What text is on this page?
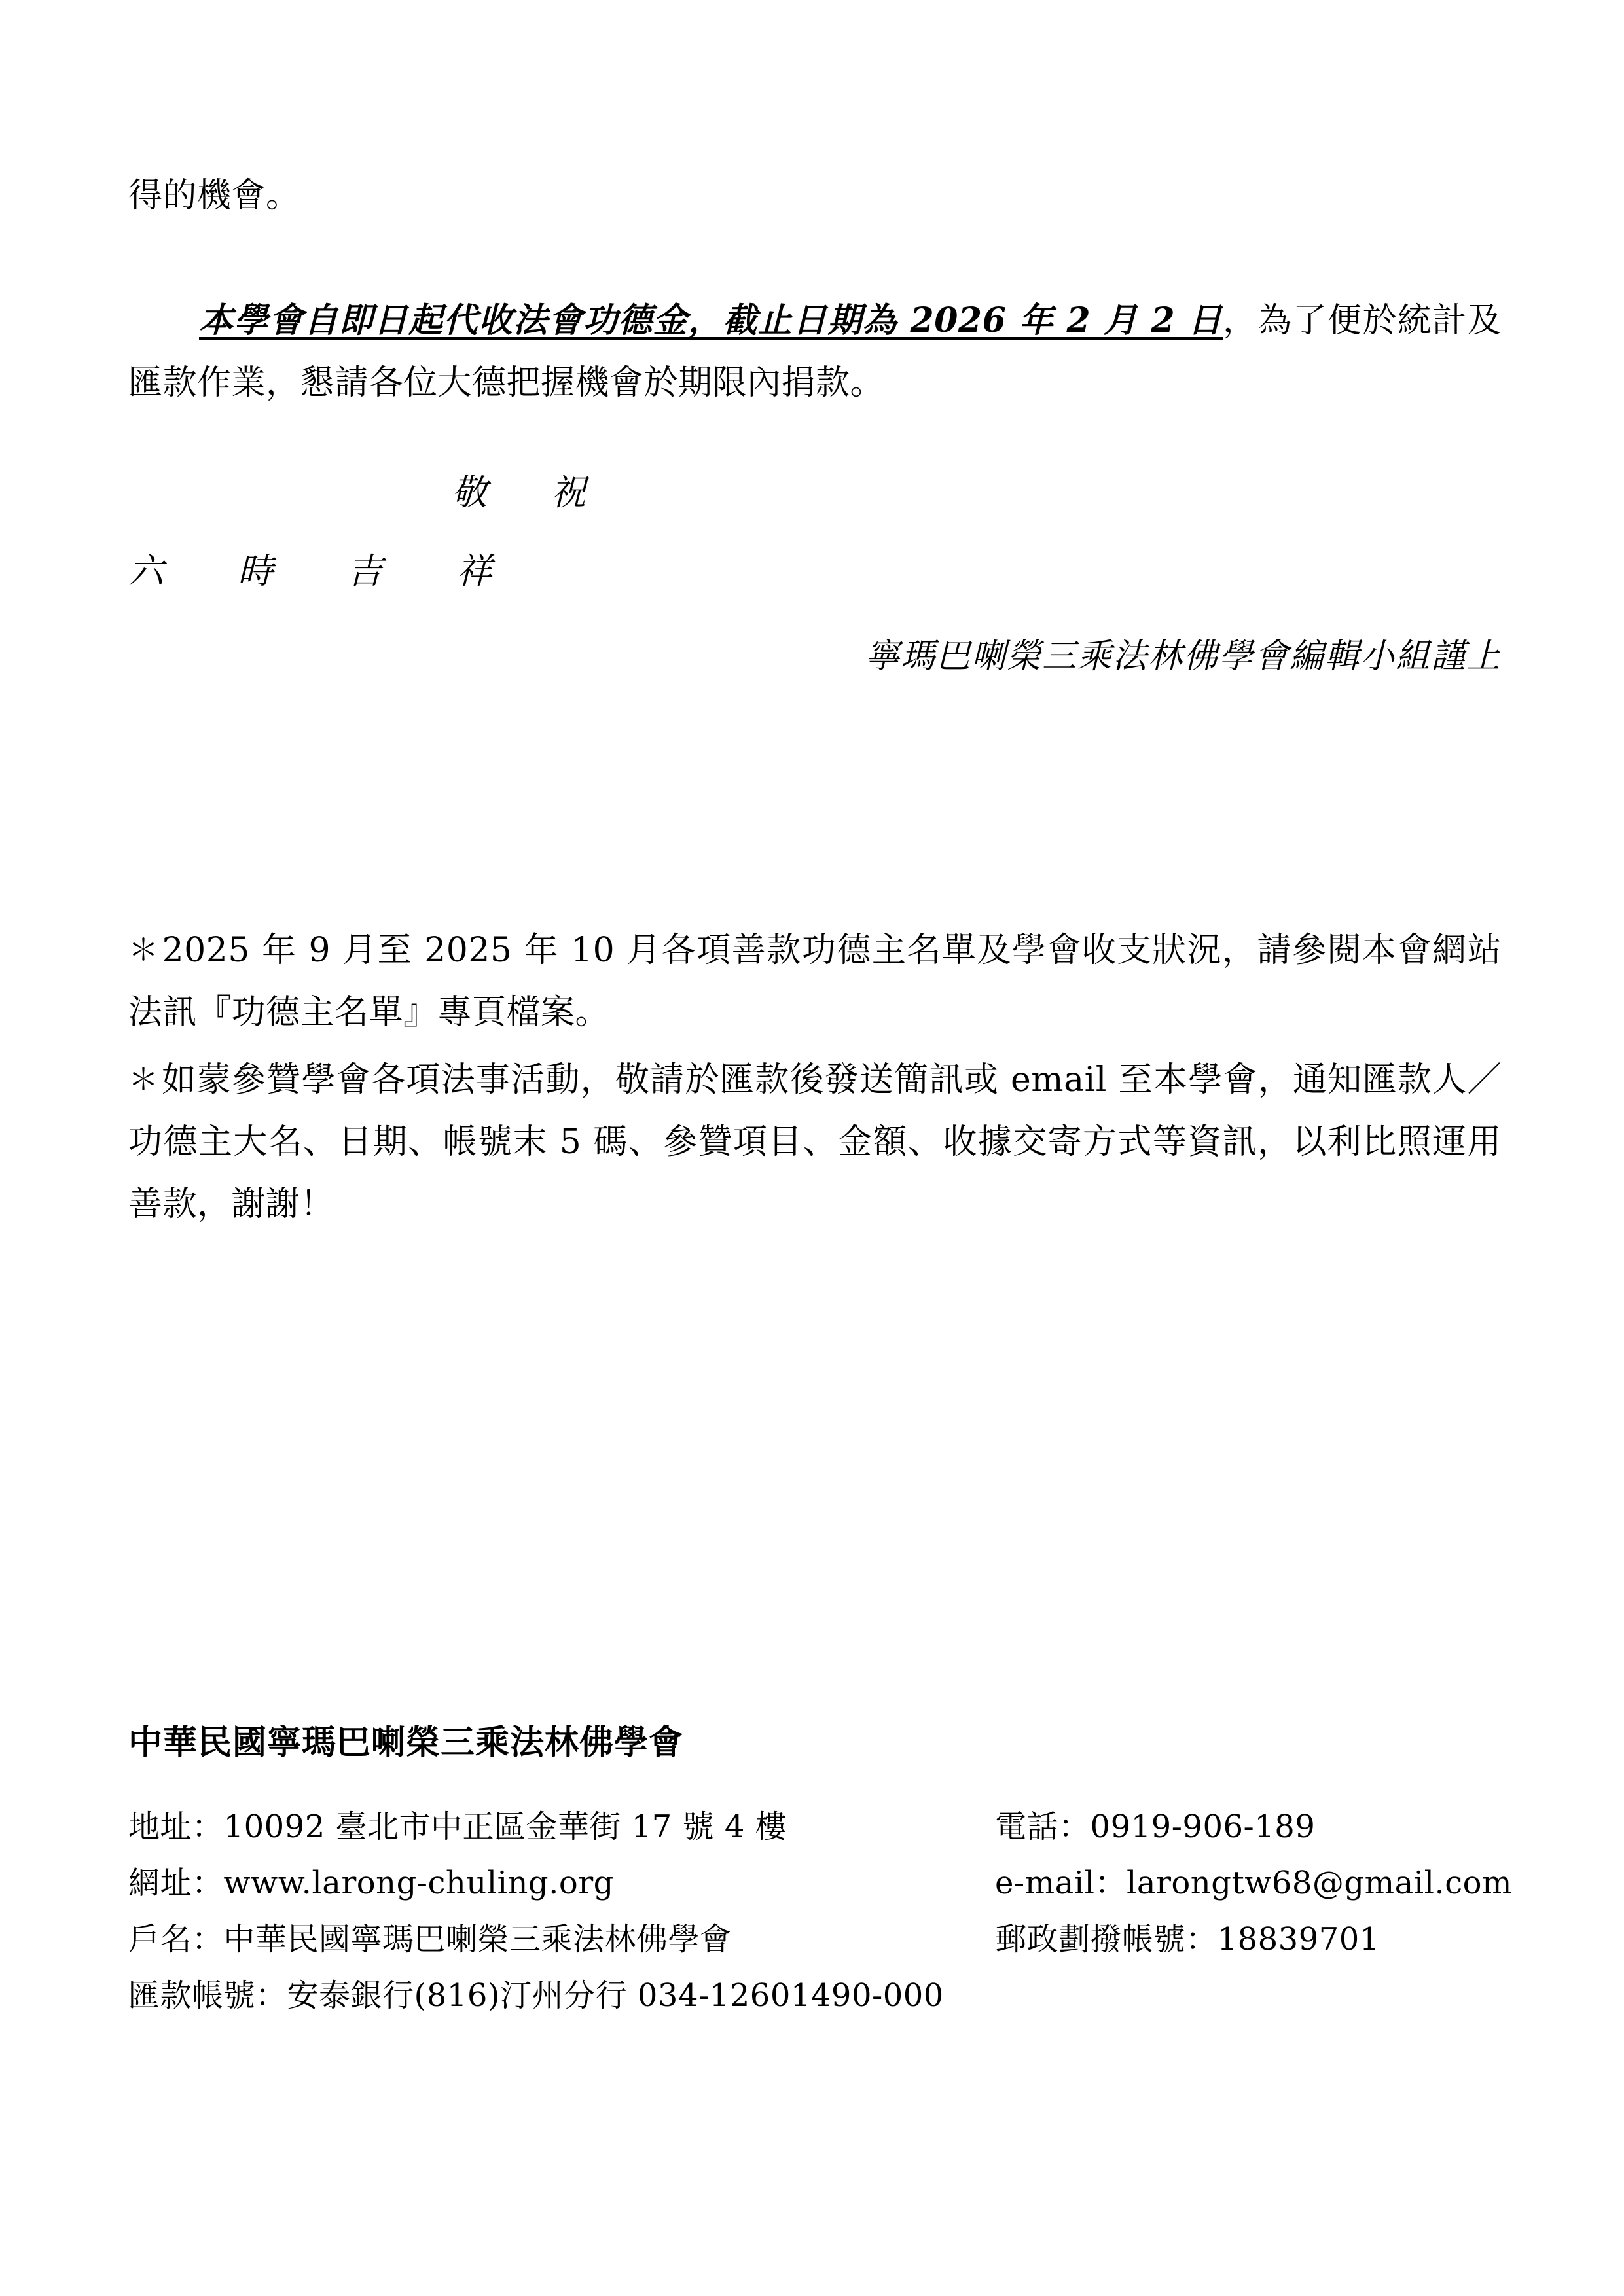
得的機會。

本學會自即日起代收法會功德金，截止日期為 2026 年 2 月 2 日，為了便於統計及匯款作業，懇請各位大德把握機會於期限內捐款。

敬 祝
六 時 吉 祥
寧瑪巴喇榮三乘法林佛學會編輯小組謹上

＊2025 年 9 月至 2025 年 10 月各項善款功德主名單及學會收支狀況，請參閱本會網站法訊『功德主名單』專頁檔案。

＊如蒙參贊學會各項法事活動，敬請於匯款後發送簡訊或 email 至本學會，通知匯款人／功德主大名、日期、帳號末 5 碼、參贊項目、金額、收據交寄方式等資訊，以利比照運用善款，謝謝！

中華民國寧瑪巴喇榮三乘法林佛學會
地址：10092 臺北市中正區金華街 17 號 4 樓
網址：www.larong-chuling.org
戶名：中華民國寧瑪巴喇榮三乘法林佛學會
匯款帳號：安泰銀行(816)汀州分行 034-12601490-000
電話：0919-906-189
e-mail：larongtw68@gmail.com
郵政劃撥帳號：18839701
